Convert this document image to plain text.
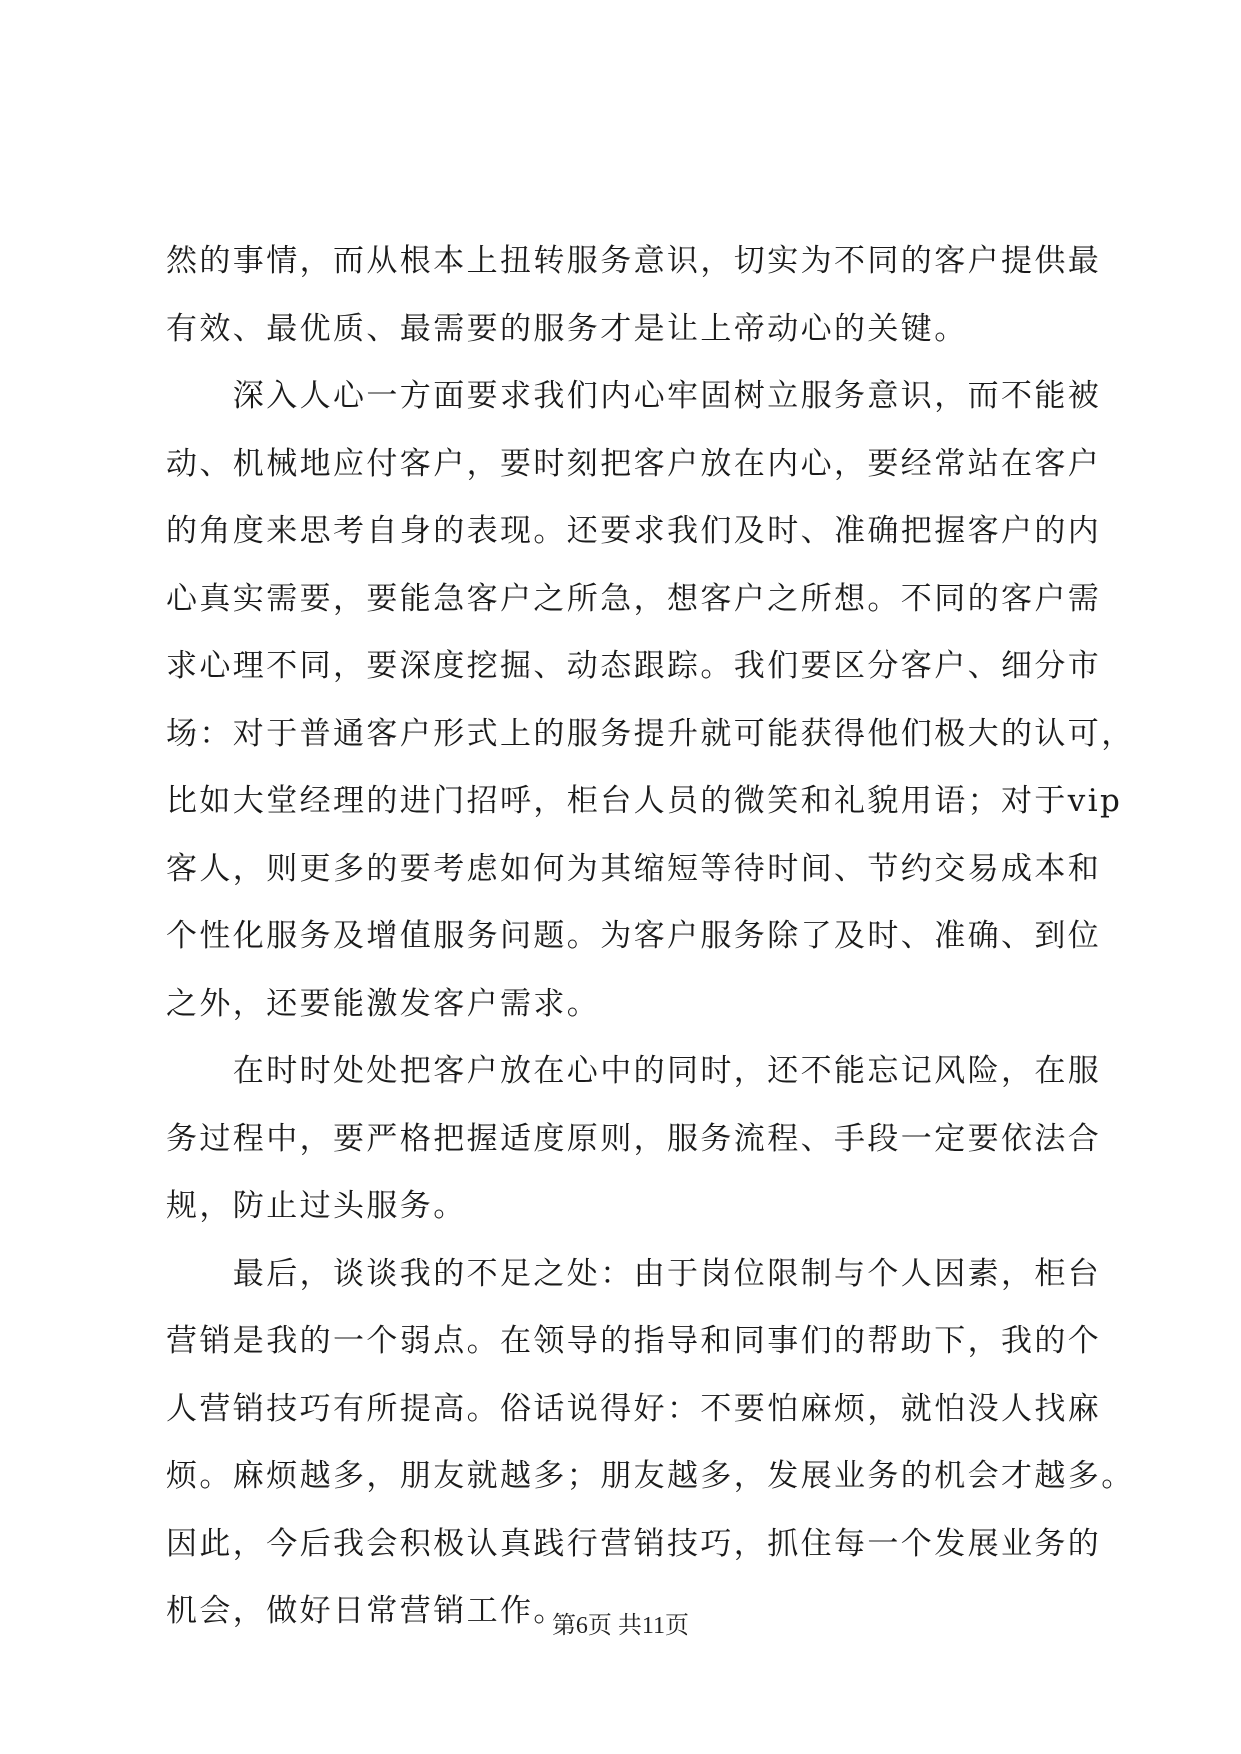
然的事情，而从根本上扭转服务意识，切实为不同的客户提供最
有效、最优质、最需要的服务才是让上帝动心的关键。
　　深入人心一方面要求我们内心牢固树立服务意识，而不能被
动、机械地应付客户，要时刻把客户放在内心，要经常站在客户
的角度来思考自身的表现。还要求我们及时、准确把握客户的内
心真实需要，要能急客户之所急，想客户之所想。不同的客户需
求心理不同，要深度挖掘、动态跟踪。我们要区分客户、细分市
场：对于普通客户形式上的服务提升就可能获得他们极大的认可，
比如大堂经理的进门招呼，柜台人员的微笑和礼貌用语；对于vip
客人，则更多的要考虑如何为其缩短等待时间、节约交易成本和
个性化服务及增值服务问题。为客户服务除了及时、准确、到位
之外，还要能激发客户需求。
　　在时时处处把客户放在心中的同时，还不能忘记风险，在服
务过程中，要严格把握适度原则，服务流程、手段一定要依法合
规，防止过头服务。
　　最后，谈谈我的不足之处：由于岗位限制与个人因素，柜台
营销是我的一个弱点。在领导的指导和同事们的帮助下，我的个
人营销技巧有所提高。俗话说得好：不要怕麻烦，就怕没人找麻
烦。麻烦越多，朋友就越多；朋友越多，发展业务的机会才越多。
因此，今后我会积极认真践行营销技巧，抓住每一个发展业务的
机会，做好日常营销工作。
第6页 共11页
